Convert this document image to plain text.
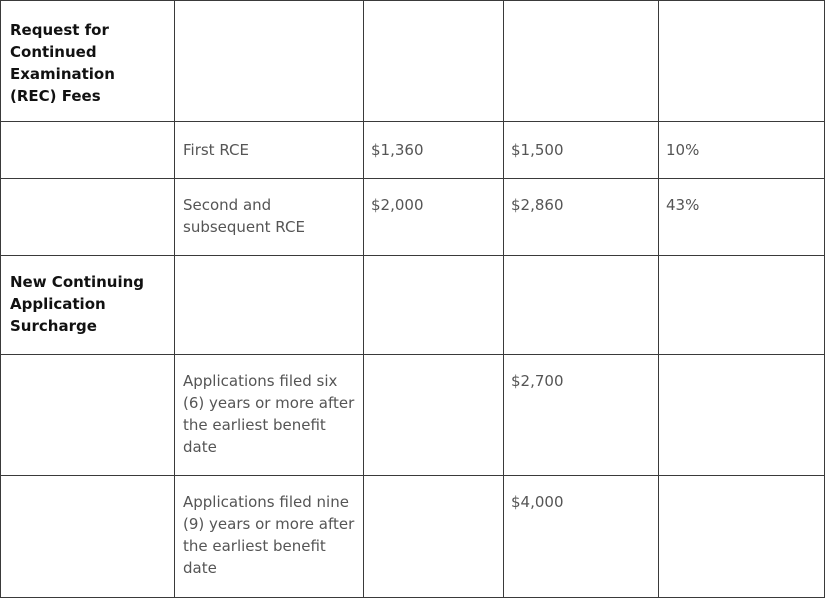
Request for Continued Examination (REC) Fees				

	First RCE	$1,360	$1,500	10%

	Second and subsequent RCE	$2,000	$2,860	43%

New Continuing Application Surcharge				

	Applications filed six (6) years or more after the earliest benefit date		$2,700	

	Applications filed nine (9) years or more after the earliest benefit date		$4,000	
